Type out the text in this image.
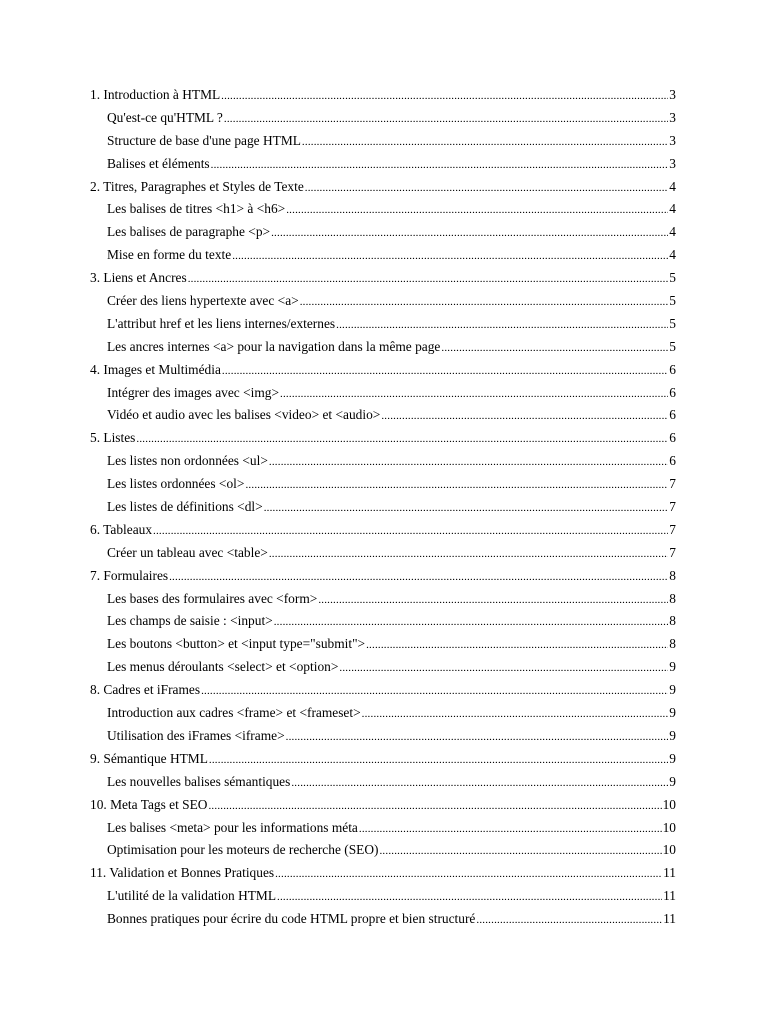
1. Introduction à HTML .....	3
Qu'est-ce qu'HTML ? .....	3
Structure de base d'une page HTML .....	3
Balises et éléments .....	3
2. Titres, Paragraphes et Styles de Texte .....	4
Les balises de titres <h1> à <h6> .....	4
Les balises de paragraphe <p> .....	4
Mise en forme du texte .....	4
3. Liens et Ancres .....	5
Créer des liens hypertexte avec <a> .....	5
L'attribut href et les liens internes/externes .....	5
Les ancres internes <a> pour la navigation dans la même page .....	5
4. Images et Multimédia .....	6
Intégrer des images avec <img> .....	6
Vidéo et audio avec les balises <video> et <audio> .....	6
5. Listes .....	6
Les listes non ordonnées <ul> .....	6
Les listes ordonnées <ol> .....	7
Les listes de définitions <dl> .....	7
6. Tableaux .....	7
Créer un tableau avec <table> .....	7
7. Formulaires .....	8
Les bases des formulaires avec <form> .....	8
Les champs de saisie : <input> .....	8
Les boutons <button> et <input type="submit"> .....	8
Les menus déroulants <select> et <option> .....	9
8. Cadres et iFrames .....	9
Introduction aux cadres <frame> et <frameset> .....	9
Utilisation des iFrames <iframe> .....	9
9. Sémantique HTML .....	9
Les nouvelles balises sémantiques .....	9
10. Meta Tags et SEO .....	10
Les balises <meta> pour les informations méta .....	10
Optimisation pour les moteurs de recherche (SEO) .....	10
11. Validation et Bonnes Pratiques .....	11
L'utilité de la validation HTML .....	11
Bonnes pratiques pour écrire du code HTML propre et bien structuré .....	11
